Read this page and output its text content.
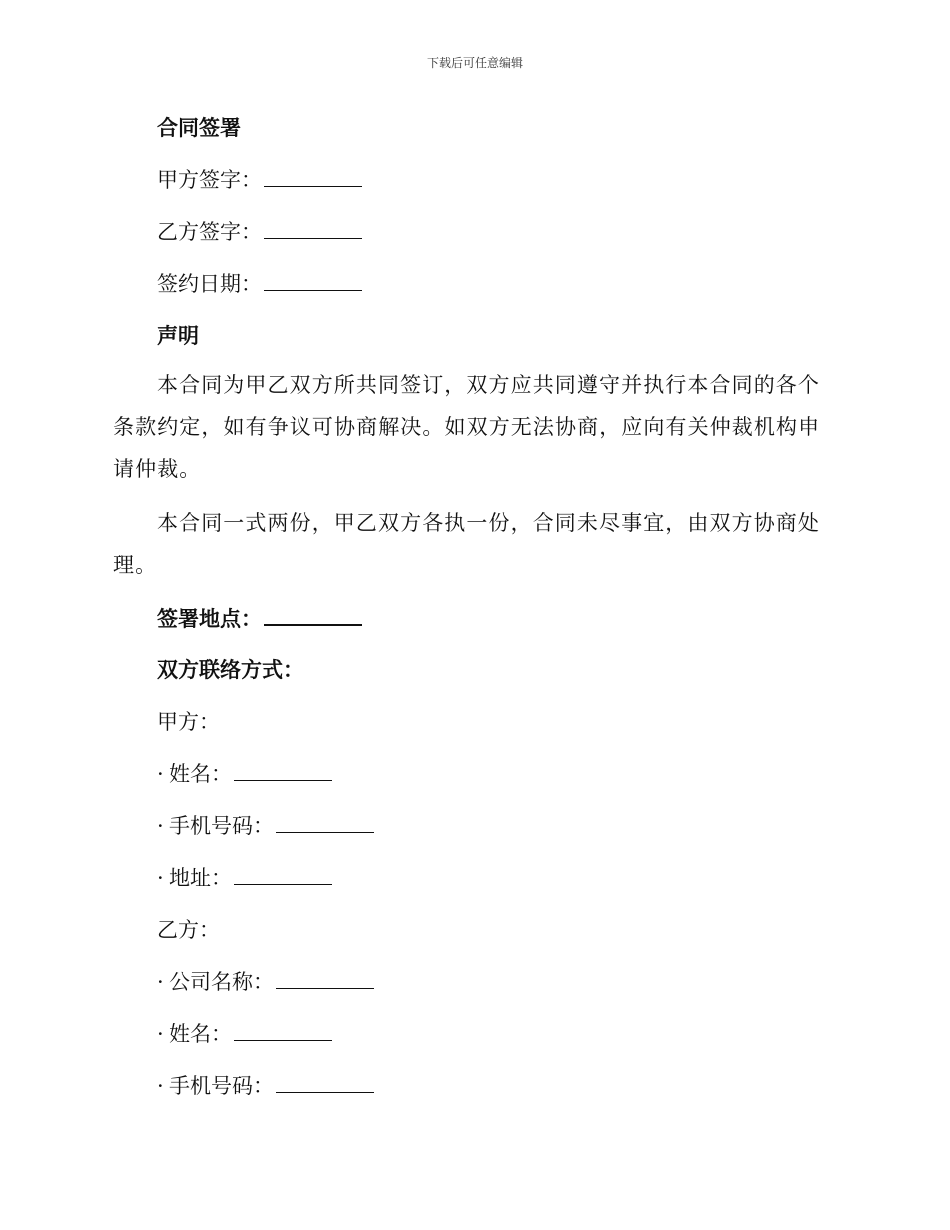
下载后可任意编辑
合同签署
甲方签字：
乙方签字：
签约日期：
声明
本合同为甲乙双方所共同签订，双方应共同遵守并执行本合同的各个条款约定，如有争议可协商解决。如双方无法协商，应向有关仲裁机构申请仲裁。
本合同一式两份，甲乙双方各执一份，合同未尽事宜，由双方协商处理。
签署地点：
双方联络方式：
甲方：
· 姓名：
· 手机号码：
· 地址：
乙方：
· 公司名称：
· 姓名：
· 手机号码：
